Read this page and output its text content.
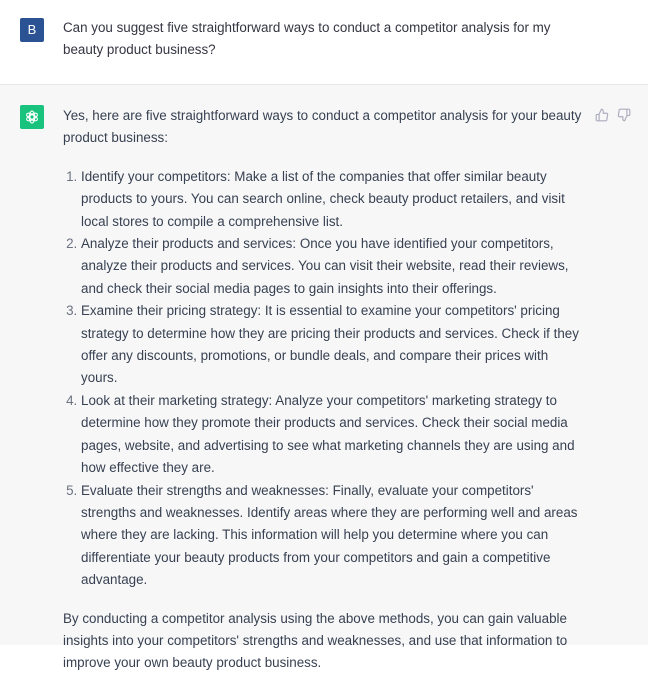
B	Can you suggest five straightforward ways to conduct a competitor analysis for my beauty product business?

Yes, here are five straightforward ways to conduct a competitor analysis for your beauty product business:

1. Identify your competitors: Make a list of the companies that offer similar beauty products to yours. You can search online, check beauty product retailers, and visit local stores to compile a comprehensive list.
2. Analyze their products and services: Once you have identified your competitors, analyze their products and services. You can visit their website, read their reviews, and check their social media pages to gain insights into their offerings.
3. Examine their pricing strategy: It is essential to examine your competitors' pricing strategy to determine how they are pricing their products and services. Check if they offer any discounts, promotions, or bundle deals, and compare their prices with yours.
4. Look at their marketing strategy: Analyze your competitors' marketing strategy to determine how they promote their products and services. Check their social media pages, website, and advertising to see what marketing channels they are using and how effective they are.
5. Evaluate their strengths and weaknesses: Finally, evaluate your competitors' strengths and weaknesses. Identify areas where they are performing well and areas where they are lacking. This information will help you determine where you can differentiate your beauty products from your competitors and gain a competitive advantage.

By conducting a competitor analysis using the above methods, you can gain valuable insights into your competitors' strengths and weaknesses, and use that information to improve your own beauty product business.
